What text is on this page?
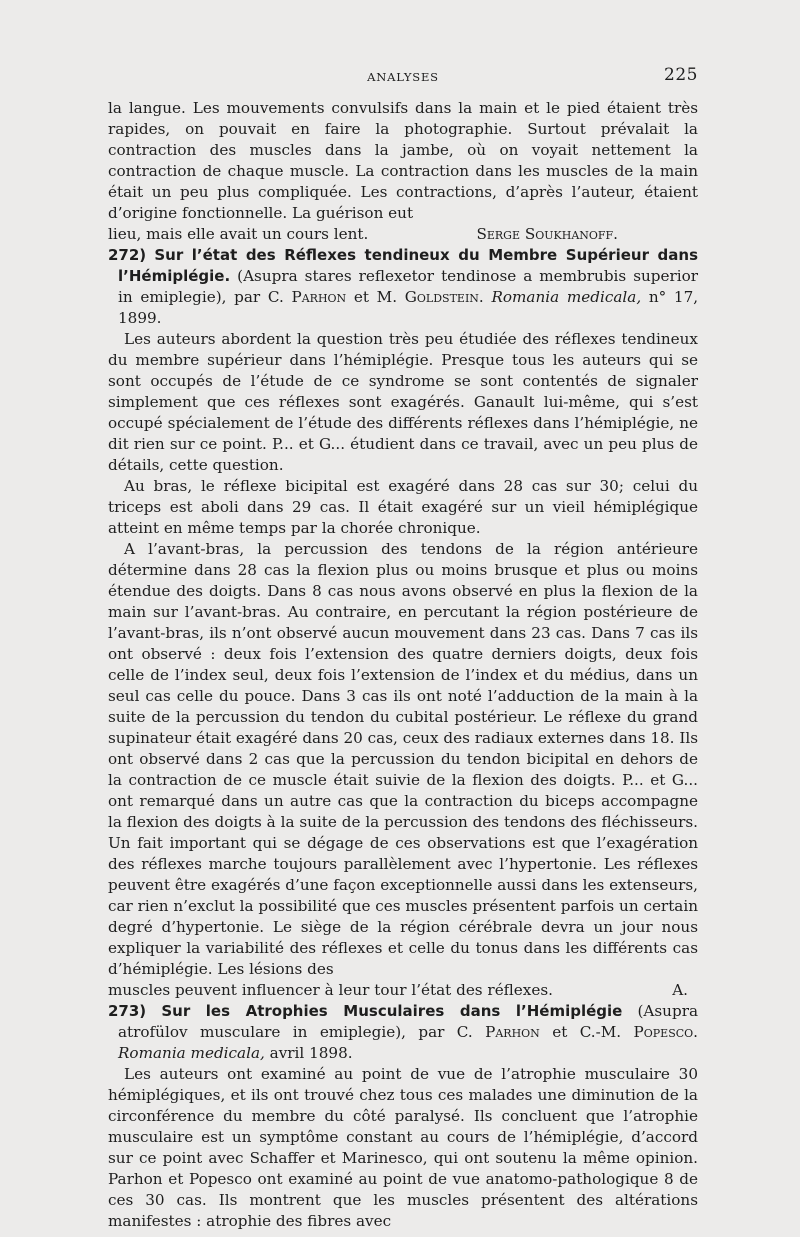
ANALYSES	225

la langue. Les mouvements convulsifs dans la main et le pied étaient très rapides, on pouvait en faire la photographie. Surtout prévalait la contraction des muscles dans la jambe, où on voyait nettement la contraction de chaque muscle. La contraction dans les muscles de la main était un peu plus compliquée. Les contractions, d’après l’auteur, étaient d’origine fonctionnelle. La guérison eut

lieu, mais elle avait un cours lent.	Serge Soukhanoff.

272) Sur l’état des Réflexes tendineux du Membre Supérieur dans l’Hémiplégie. (Asupra stares reflexetor tendinose a membrubis superior in emiplegie), par C. Parhon et M. Goldstein. Romania medicala, n° 17, 1899.

Les auteurs abordent la question très peu étudiée des réflexes tendineux du membre supérieur dans l’hémiplégie. Presque tous les auteurs qui se sont occupés de l’étude de ce syndrome se sont contentés de signaler simplement que ces réflexes sont exagérés. Ganault lui-même, qui s’est occupé spécialement de l’étude des différents réflexes dans l’hémiplégie, ne dit rien sur ce point. P... et G... étudient dans ce travail, avec un peu plus de détails, cette question.

Au bras, le réflexe bicipital est exagéré dans 28 cas sur 30; celui du triceps est aboli dans 29 cas. Il était exagéré sur un vieil hémiplégique atteint en même temps par la chorée chronique.

A l’avant-bras, la percussion des tendons de la région antérieure détermine dans 28 cas la flexion plus ou moins brusque et plus ou moins étendue des doigts. Dans 8 cas nous avons observé en plus la flexion de la main sur l’avant-bras. Au contraire, en percutant la région postérieure de l’avant-bras, ils n’ont observé aucun mouvement dans 23 cas. Dans 7 cas ils ont observé : deux fois l’extension des quatre derniers doigts, deux fois celle de l’index seul, deux fois l’extension de l’index et du médius, dans un seul cas celle du pouce. Dans 3 cas ils ont noté l’adduction de la main à la suite de la percussion du tendon du cubital postérieur. Le réflexe du grand supinateur était exagéré dans 20 cas, ceux des radiaux externes dans 18. Ils ont observé dans 2 cas que la percussion du tendon bicipital en dehors de la contraction de ce muscle était suivie de la flexion des doigts. P... et G... ont remarqué dans un autre cas que la contraction du biceps accompagne la flexion des doigts à la suite de la percussion des tendons des fléchisseurs. Un fait important qui se dégage de ces observations est que l’exagération des réflexes marche toujours parallèlement avec l’hypertonie. Les réflexes peuvent être exagérés d’une façon exceptionnelle aussi dans les extenseurs, car rien n’exclut la possibilité que ces muscles présentent parfois un certain degré d’hypertonie. Le siège de la région cérébrale devra un jour nous expliquer la variabilité des réflexes et celle du tonus dans les différents cas d’hémiplégie. Les lésions des

muscles peuvent influencer à leur tour l’état des réflexes.	A.

273) Sur les Atrophies Musculaires dans l’Hémiplégie (Asupra atrofülov musculare in emiplegie), par C. Parhon et C.-M. Popesco. Romania medicala, avril 1898.

Les auteurs ont examiné au point de vue de l’atrophie musculaire 30 hémiplégiques, et ils ont trouvé chez tous ces malades une diminution de la circonférence du membre du côté paralysé. Ils concluent que l’atrophie musculaire est un symptôme constant au cours de l’hémiplégie, d’accord sur ce point avec Schaffer et Marinesco, qui ont soutenu la même opinion. Parhon et Popesco ont examiné au point de vue anatomo-pathologique 8 de ces 30 cas. Ils montrent que les muscles présentent des altérations manifestes : atrophie des fibres avec
